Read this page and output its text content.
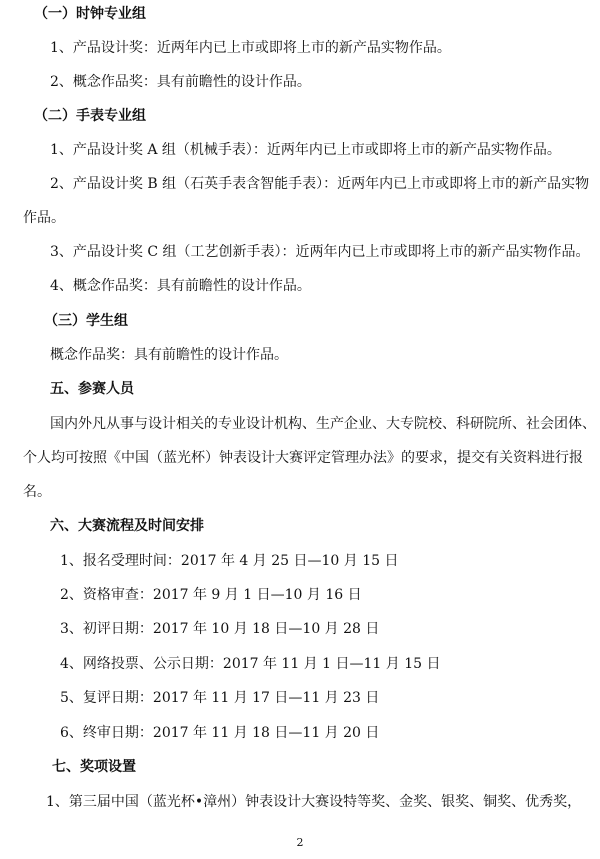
（一）时钟专业组
1、产品设计奖：近两年内已上市或即将上市的新产品实物作品。
2、概念作品奖：具有前瞻性的设计作品。
（二）手表专业组
1、产品设计奖 A 组（机械手表）：近两年内已上市或即将上市的新产品实物作品。
2、产品设计奖 B 组（石英手表含智能手表）：近两年内已上市或即将上市的新产品实物
作品。
3、产品设计奖 C 组（工艺创新手表）：近两年内已上市或即将上市的新产品实物作品。
4、概念作品奖：具有前瞻性的设计作品。
（三）学生组
概念作品奖：具有前瞻性的设计作品。
五、参赛人员
国内外凡从事与设计相关的专业设计机构、生产企业、大专院校、科研院所、社会团体、
个人均可按照《中国（蓝光杯）钟表设计大赛评定管理办法》的要求，提交有关资料进行报
名。
六、大赛流程及时间安排
1、报名受理时间：2017 年 4 月 25 日—10 月 15 日
2、资格审查：2017 年 9 月 1 日—10 月 16 日
3、初评日期：2017 年 10 月 18 日—10 月 28 日
4、网络投票、公示日期：2017 年 11 月 1 日—11 月 15 日
5、复评日期：2017 年 11 月 17 日—11 月 23 日
6、终审日期：2017 年 11 月 18 日—11 月 20 日
七、奖项设置
1、第三届中国（蓝光杯•漳州）钟表设计大赛设特等奖、金奖、银奖、铜奖、优秀奖，
2
